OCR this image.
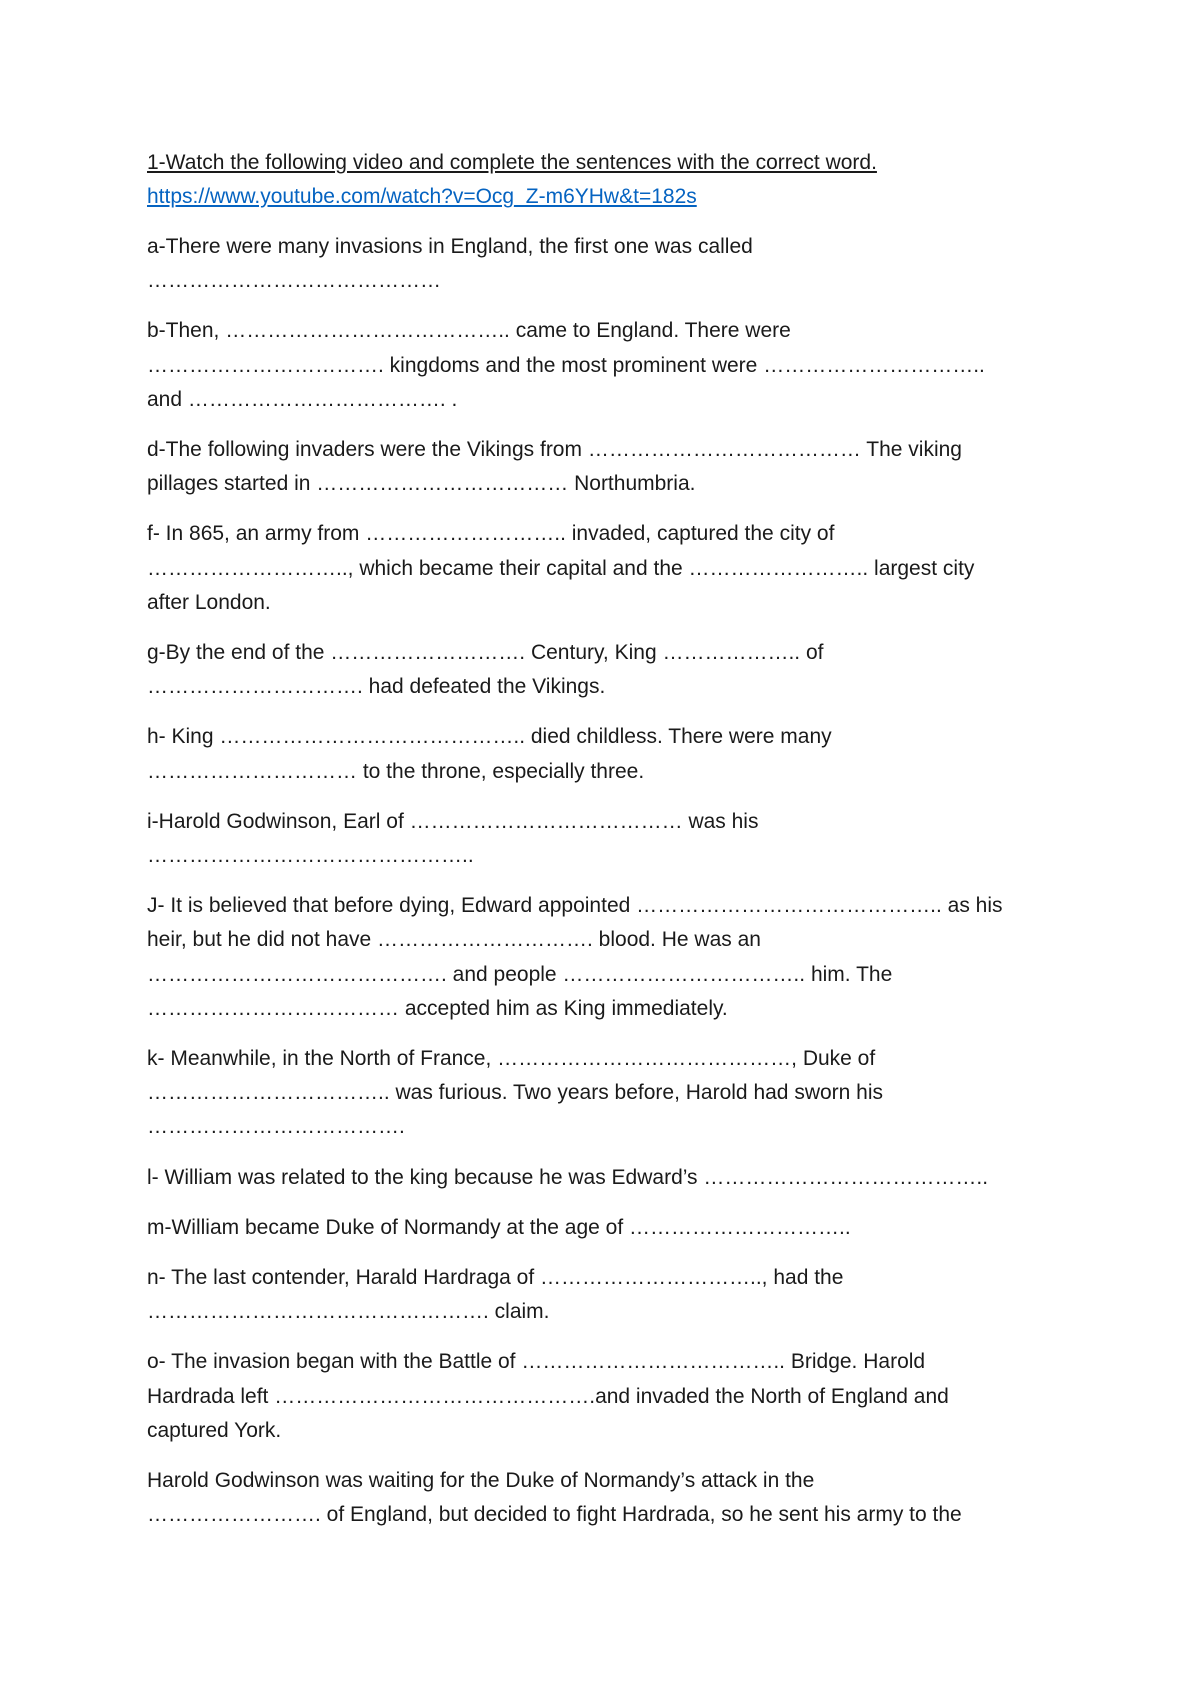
1-Watch the following video and complete the sentences with the correct word.

https://www.youtube.com/watch?v=Ocg_Z-m6YHw&t=182s

a-There were many invasions in England, the first one was called
……………………………………

b-Then, ………………………………….. came to England. There were
……………………………. kingdoms and the most prominent were …………………………..
and ………………………………. .

d-The following invaders were the Vikings from ………………………………… The viking
pillages started in ……………………………… Northumbria.

f- In 865, an army from ……………………….. invaded, captured the city of
……………………….., which became their capital and the …………………….. largest city
after London.

g-By the end of the ………………………. Century, King ……………….. of
…………………………. had defeated the Vikings.

h- King …………………………………….. died childless. There were many
………………………… to the throne, especially three.

i-Harold Godwinson, Earl of ………………………………… was his
………………………………………..

J- It is believed that before dying, Edward appointed …………………………………….. as his
heir, but he did not have …………………………. blood. He was an
……………………………………. and people …………………………….. him. The
……………………………… accepted him as King immediately.

k- Meanwhile, in the North of France, ……………………………………, Duke of
…………………………….. was furious. Two years before, Harold had sworn his
……………………………….

l- William was related to the king because he was Edward’s …………………………………..

m-William became Duke of Normandy at the age of …………………………..

n- The last contender, Harald Hardraga of ………………………….., had the
…………………………………………. claim.

o- The invasion began with the Battle of ……………………………….. Bridge. Harold
Hardrada left ……………………………………….and invaded the North of England and
captured York.

Harold Godwinson was waiting for the Duke of Normandy’s attack in the
……………………. of England, but decided to fight Hardrada, so he sent his army to the
